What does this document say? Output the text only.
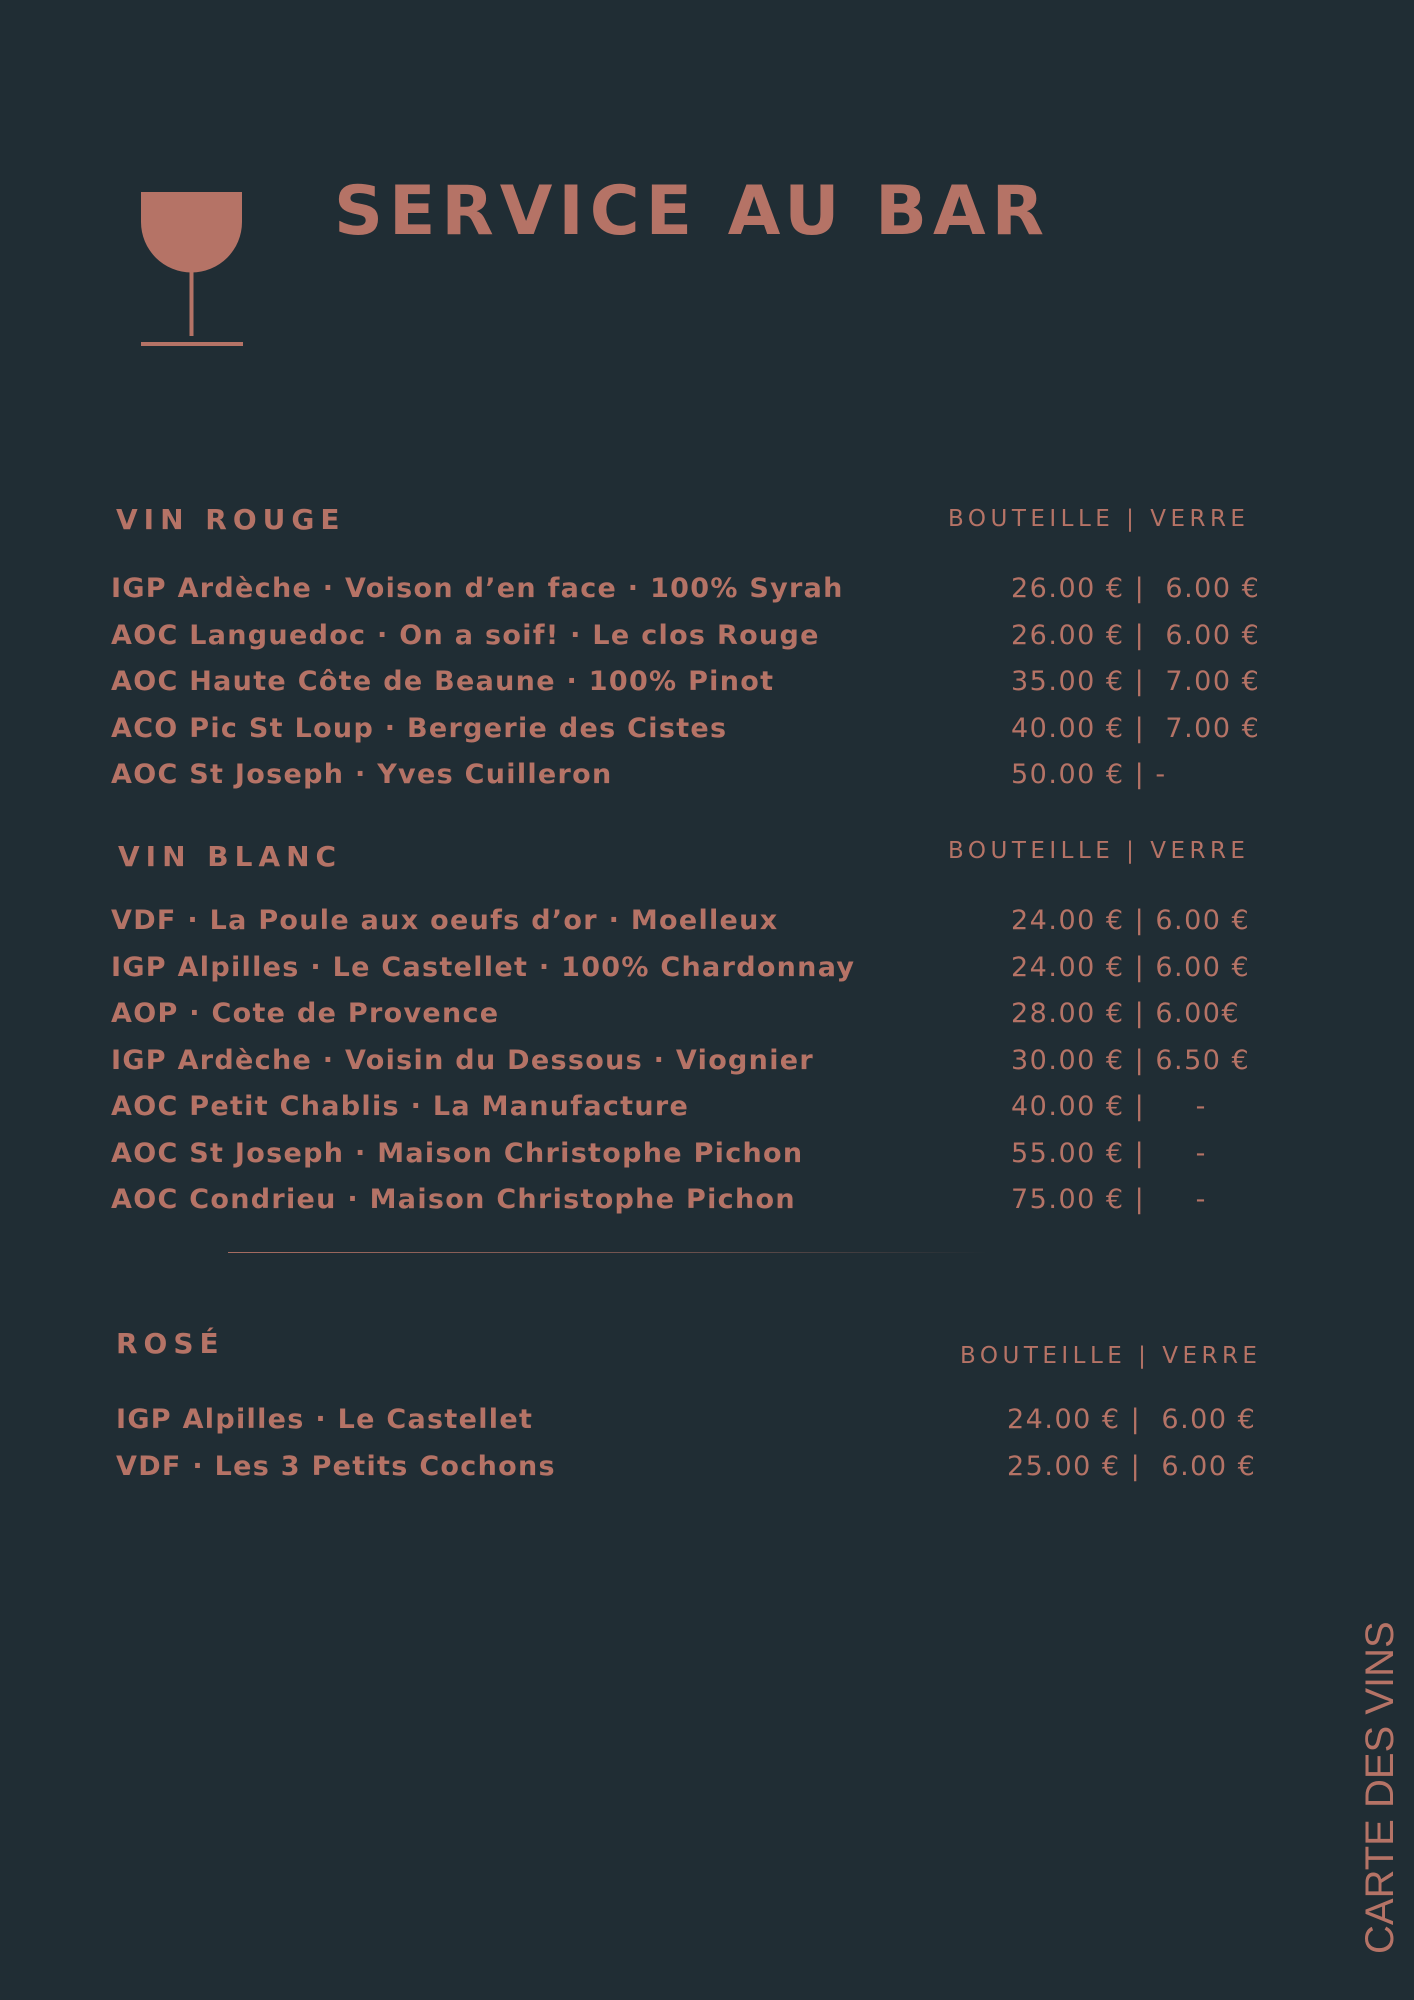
SERVICE AU BAR
VIN ROUGE	BOUTEILLE | VERRE
IGP Ardèche · Voison d’en face · 100% Syrah	26.00 € |  6.00 €
AOC Languedoc · On a soif! · Le clos Rouge	26.00 € |  6.00 €
AOC Haute Côte de Beaune · 100% Pinot	35.00 € |  7.00 €
ACO Pic St Loup · Bergerie des Cistes	40.00 € |  7.00 €
AOC St Joseph · Yves Cuilleron	50.00 € | -
VIN BLANC	BOUTEILLE | VERRE
VDF · La Poule aux oeufs d’or · Moelleux	24.00 € | 6.00 €
IGP Alpilles · Le Castellet · 100% Chardonnay	24.00 € | 6.00 €
AOP · Cote de Provence	28.00 € | 6.00€
IGP Ardèche · Voisin du Dessous · Viognier	30.00 € | 6.50 €
AOC Petit Chablis · La Manufacture	40.00 € |     -
AOC St Joseph · Maison Christophe Pichon	55.00 € |     -
AOC Condrieu · Maison Christophe Pichon	75.00 € |     -
ROSÉ	BOUTEILLE | VERRE
IGP Alpilles · Le Castellet	24.00 € |  6.00 €
VDF · Les 3 Petits Cochons	25.00 € |  6.00 €
CARTE DES VINS
